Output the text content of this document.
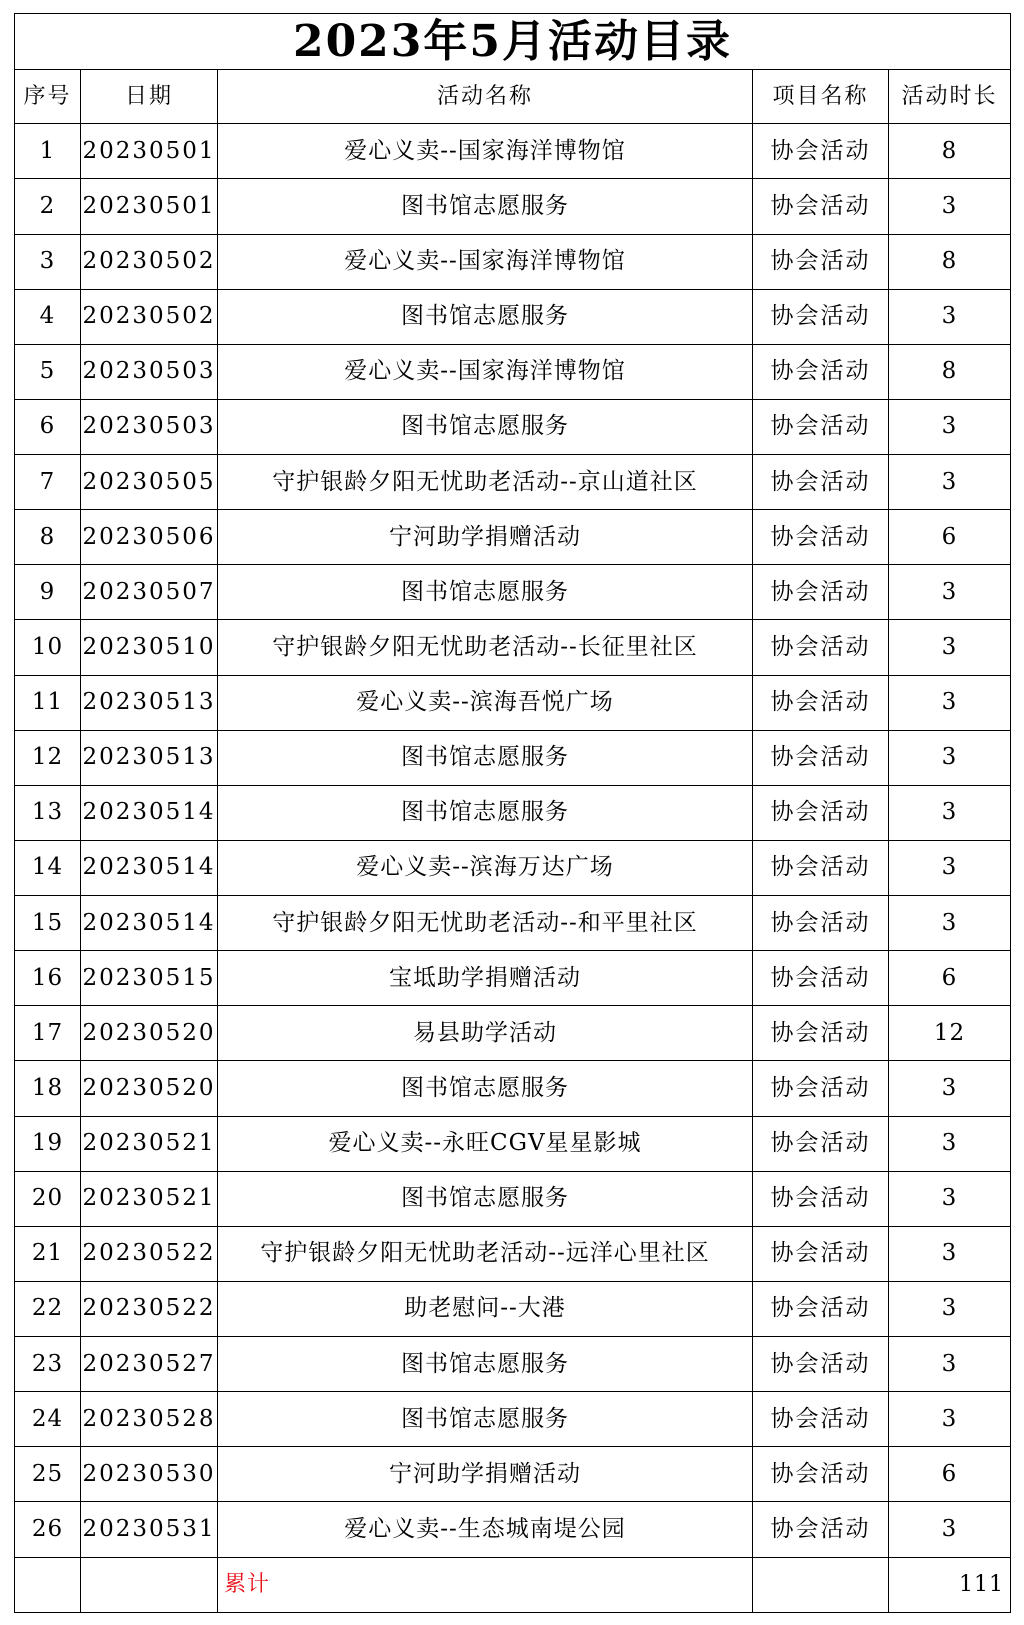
2023年5月活动目录				
序号	日期	活动名称	项目名称	活动时长
1	20230501	爱心义卖--国家海洋博物馆	协会活动	8
2	20230501	图书馆志愿服务	协会活动	3
3	20230502	爱心义卖--国家海洋博物馆	协会活动	8
4	20230502	图书馆志愿服务	协会活动	3
5	20230503	爱心义卖--国家海洋博物馆	协会活动	8
6	20230503	图书馆志愿服务	协会活动	3
7	20230505	守护银龄夕阳无忧助老活动--京山道社区	协会活动	3
8	20230506	宁河助学捐赠活动	协会活动	6
9	20230507	图书馆志愿服务	协会活动	3
10	20230510	守护银龄夕阳无忧助老活动--长征里社区	协会活动	3
11	20230513	爱心义卖--滨海吾悦广场	协会活动	3
12	20230513	图书馆志愿服务	协会活动	3
13	20230514	图书馆志愿服务	协会活动	3
14	20230514	爱心义卖--滨海万达广场	协会活动	3
15	20230514	守护银龄夕阳无忧助老活动--和平里社区	协会活动	3
16	20230515	宝坻助学捐赠活动	协会活动	6
17	20230520	易县助学活动	协会活动	12
18	20230520	图书馆志愿服务	协会活动	3
19	20230521	爱心义卖--永旺CGV星星影城	协会活动	3
20	20230521	图书馆志愿服务	协会活动	3
21	20230522	守护银龄夕阳无忧助老活动--远洋心里社区	协会活动	3
22	20230522	助老慰问--大港	协会活动	3
23	20230527	图书馆志愿服务	协会活动	3
24	20230528	图书馆志愿服务	协会活动	3
25	20230530	宁河助学捐赠活动	协会活动	6
26	20230531	爱心义卖--生态城南堤公园	协会活动	3
		累计		111
